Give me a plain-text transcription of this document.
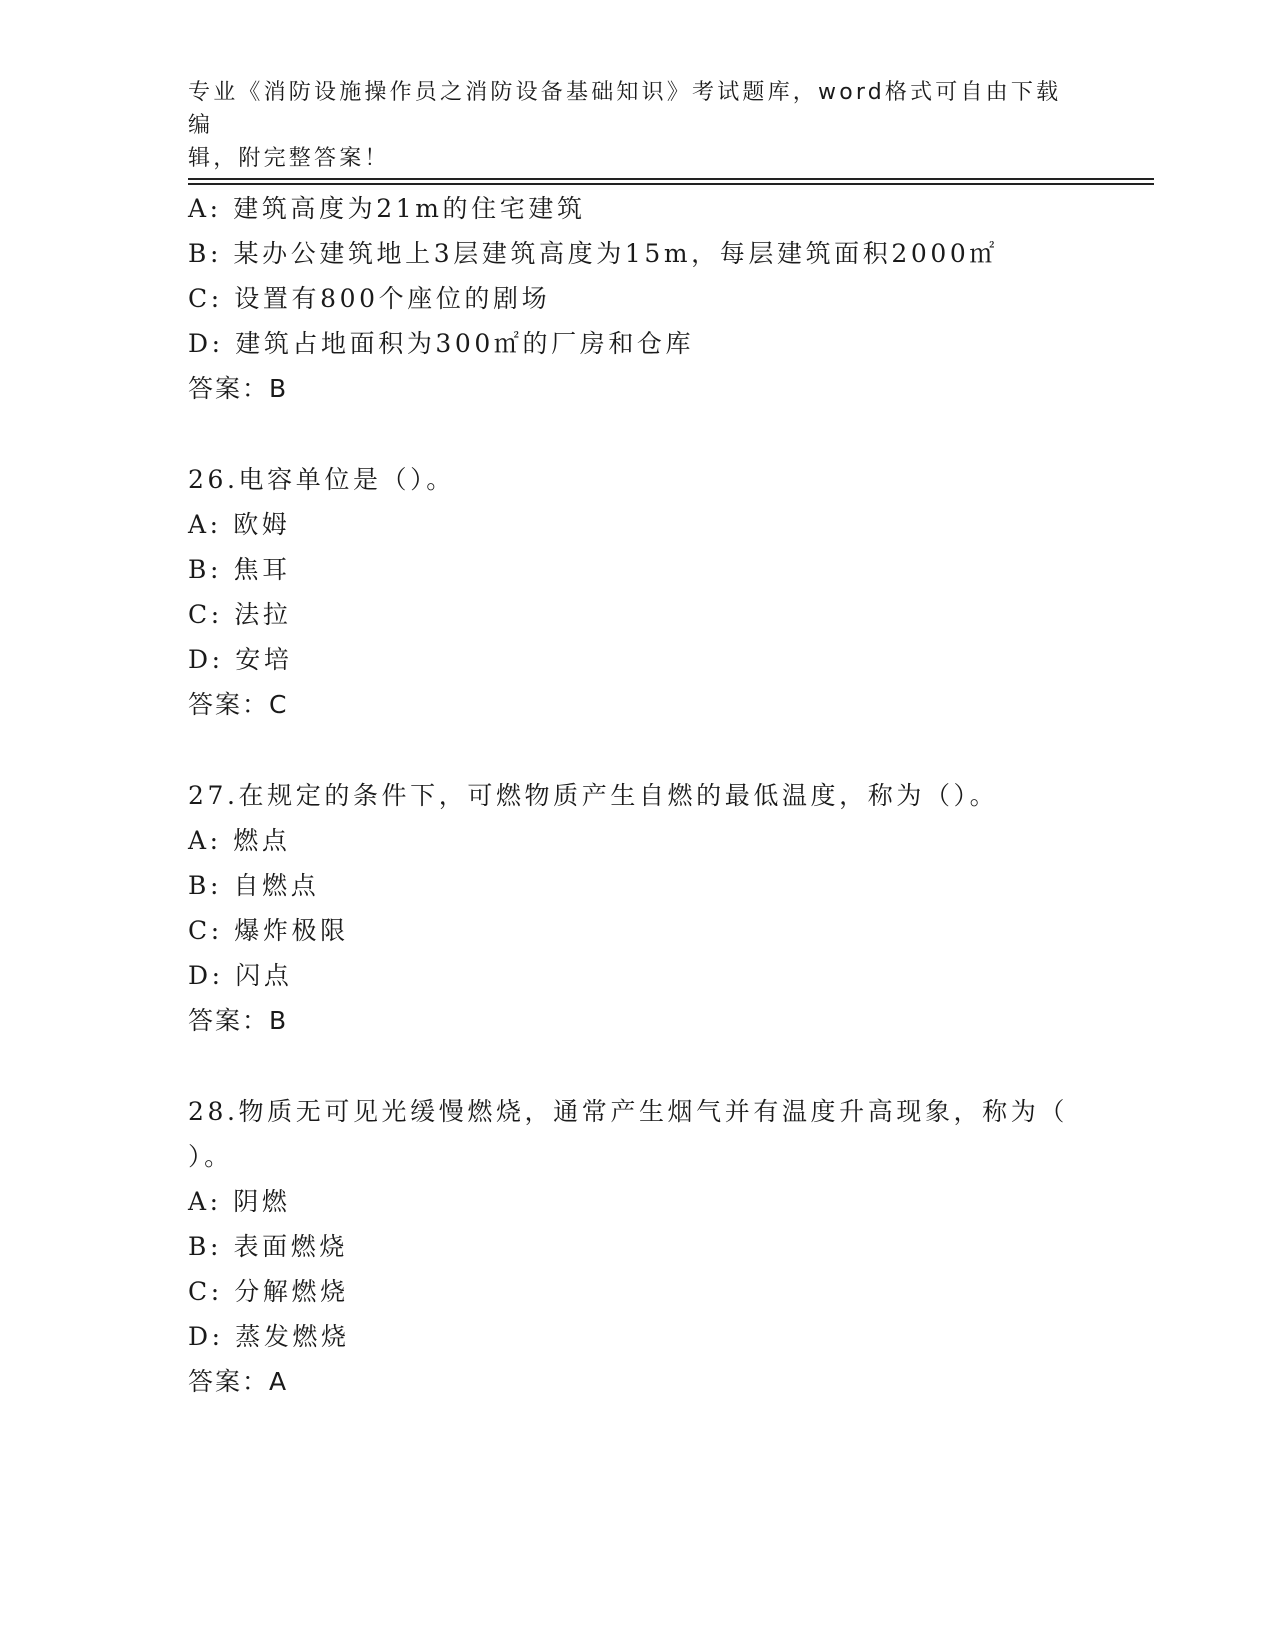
专业《消防设施操作员之消防设备基础知识》考试题库，word格式可自由下载编
辑，附完整答案！
A: 建筑高度为21m的住宅建筑
B: 某办公建筑地上3层建筑高度为15m，每层建筑面积2000㎡
C: 设置有800个座位的剧场
D: 建筑占地面积为300㎡的厂房和仓库
答案：B
26.电容单位是（）。
A: 欧姆
B: 焦耳
C: 法拉
D: 安培
答案：C
27.在规定的条件下，可燃物质产生自燃的最低温度，称为（）。
A: 燃点
B: 自燃点
C: 爆炸极限
D: 闪点
答案：B
28.物质无可见光缓慢燃烧，通常产生烟气并有温度升高现象，称为（
）。
A: 阴燃
B: 表面燃烧
C: 分解燃烧
D: 蒸发燃烧
答案：A
